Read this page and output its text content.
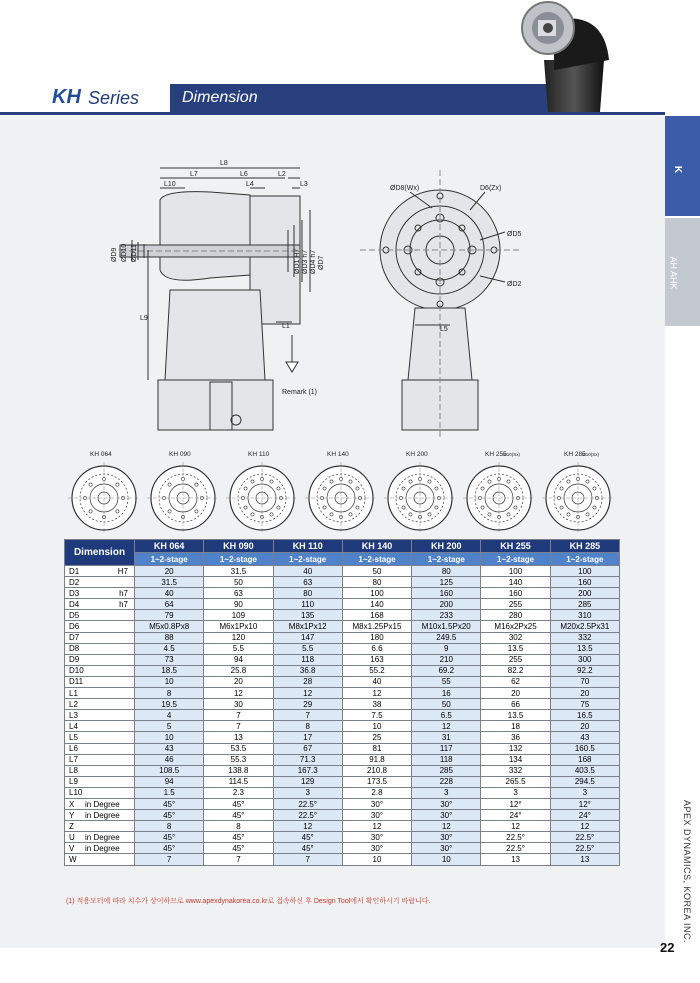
KH Series	Dimension
K
AH AHK
APEX DYNAMICS, KOREA INC.
22
L8
L7	L6	L2
L10	L4	L3
L1
L9
L5
ØD9 ØD10 ØD11	ØD1 H7 ØD3 h7 ØD4 h7 ØD7
ØD8(Wx)	D6(Zx)
ØD5
ØD2
Remark (1)
KH 064	KH 090	KH 110	KH 140	KH 200	KH 255
M10(Sx)	KH 285
M10(Sx)
Dimension	KH 064	KH 090	KH 110	KH 140	KH 200	KH 255	KH 285
	1~2-stage	1~2-stage	1~2-stage	1~2-stage	1~2-stage	1~2-stage	1~2-stage
D1 H7	20	31.5	40	50	80	100	100
D2	31.5	50	63	80	125	140	160
D3 h7	40	63	80	100	160	160	200
D4 h7	64	90	110	140	200	255	285
D5	79	109	135	168	233	280	310
D6	M5x0.8Px8	M6x1Px10	M8x1Px12	M8x1.25Px15	M10x1.5Px20	M16x2Px25	M20x2.5Px31
D7	88	120	147	180	249.5	302	332
D8	4.5	5.5	5.5	6.6	9	13.5	13.5
D9	73	94	118	163	210	255	300
D10	18.5	25.8	36.8	55.2	69.2	82.2	92.2
D11	10	20	28	40	55	62	70
L1	8	12	12	12	16	20	20
L2	19.5	30	29	38	50	66	75
L3	4	7	7	7.5	6.5	13.5	16.5
L4	5	7	8	10	12	18	20
L5	10	13	17	25	31	36	43
L6	43	53.5	67	81	117	132	160.5
L7	46	55.3	71.3	91.8	118	134	168
L8	108.5	138.8	167.3	210.8	285	332	403.5
L9	94	114.5	129	173.5	228	265.5	294.5
L10	1.5	2.3	3	2.8	3	3	3
X in Degree	45°	45°	22.5°	30°	30°	12°	12°
Y in Degree	45°	45°	22.5°	30°	30°	24°	24°
Z	8	8	12	12	12	12	12
U in Degree	45°	45°	45°	30°	30°	22.5°	22.5°
V in Degree	45°	45°	45°	30°	30°	22.5°	22.5°
W	7	7	7	10	10	13	13
(1) 적용모터에 따라 치수가 상이하므로 www.apexdynakorea.co.kr로 접속하신 후 Design Tool에서 확인하시기 바랍니다.
